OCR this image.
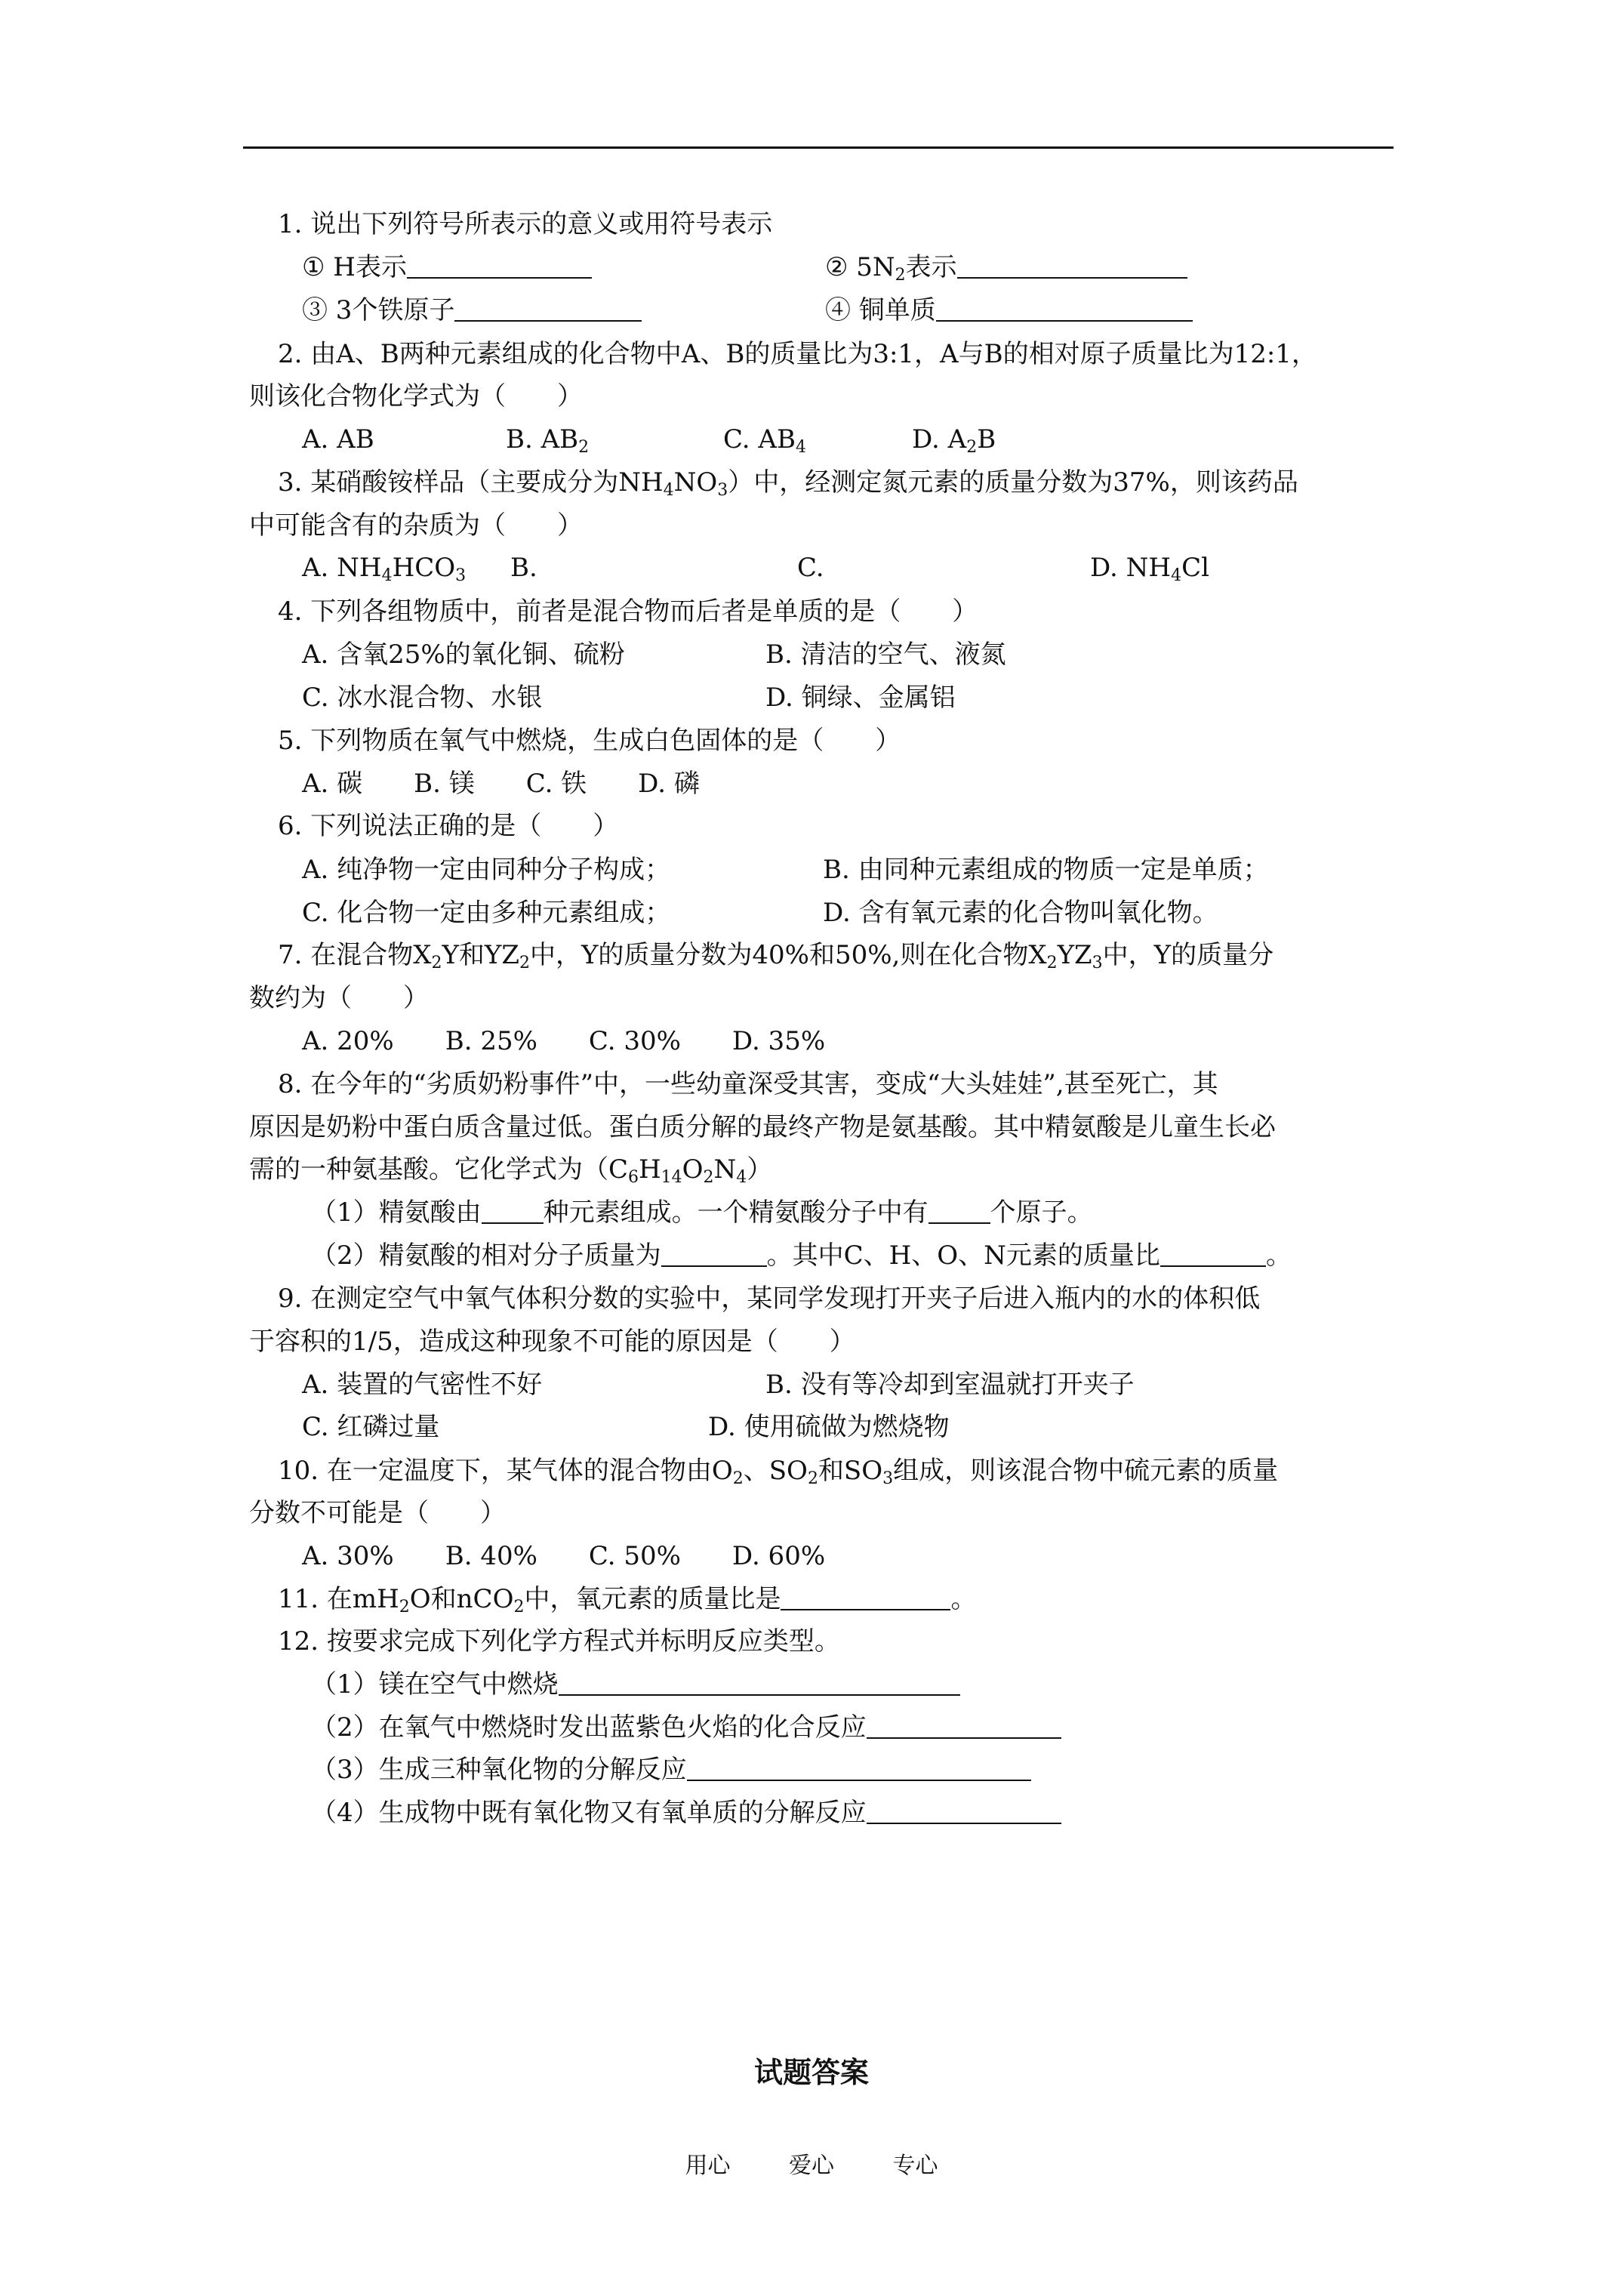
1. 说出下列符号所表示的意义或用符号表示
① H表示	② $5N_2$表示
③ 3个铁原子	④ 铜单质
2. 由A、B两种元素组成的化合物中A、B的质量比为3:1，A与B的相对原子质量比为12:1，
则该化合物化学式为（　　）
A. AB	B. $AB_2$	C. $AB_4$	D. $A_2B$
3. 某硝酸铵样品（主要成分为$NH_4NO_3$）中，经测定氮元素的质量分数为37%，则该药品
中可能含有的杂质为（　　）
A. $NH_4HCO_3$ B.	C.	D. $NH_4Cl$
4. 下列各组物质中，前者是混合物而后者是单质的是（　　）
A. 含氧25%的氧化铜、硫粉	B. 清洁的空气、液氮
C. 冰水混合物、水银	D. 铜绿、金属铝
5. 下列物质在氧气中燃烧，生成白色固体的是（　　）
A. 碳　　B. 镁　　C. 铁　　D. 磷
6. 下列说法正确的是（　　）
A. 纯净物一定由同种分子构成；	B. 由同种元素组成的物质一定是单质；
C. 化合物一定由多种元素组成；	D. 含有氧元素的化合物叫氧化物。
7. 在混合物$X_2Y$和$YZ_2$中，Y的质量分数为40%和50%,则在化合物$X_2YZ_3$中，Y的质量分
数约为（　　）
A. 20%　　B. 25%　　C. 30%　　D. 35%
8. 在今年的“劣质奶粉事件”中，一些幼童深受其害，变成“大头娃娃”,甚至死亡，其
原因是奶粉中蛋白质含量过低。蛋白质分解的最终产物是氨基酸。其中精氨酸是儿童生长必
需的一种氨基酸。它化学式为$(C_6H_{14}O_2N_4)$
（1）精氨酸由 种元素组成。一个精氨酸分子中有 个原子。
（2）精氨酸的相对分子质量为	。其中C、H、O、N元素的质量比	。
9. 在测定空气中氧气体积分数的实验中，某同学发现打开夹子后进入瓶内的水的体积低
于容积的1/5，造成这种现象不可能的原因是（　　）
A. 装置的气密性不好	B. 没有等冷却到室温就打开夹子
C. 红磷过量	D. 使用硫做为燃烧物
10. 在一定温度下，某气体的混合物由$O_2$、$SO_2$和$SO_3$组成，则该混合物中硫元素的质量
分数不可能是（　　）
A. 30%　　B. 40%　　C. 50%　　D. 60%
11. 在$mH_2O$和nCO$_2$中，氧元素的质量比是	。
12. 按要求完成下列化学方程式并标明反应类型。
（1）镁在空气中燃烧
（2）在氧气中燃烧时发出蓝紫色火焰的化合反应
（3）生成三种氧化物的分解反应
（4）生成物中既有氧化物又有氧单质的分解反应
试题答案
用心	爱心	专心
